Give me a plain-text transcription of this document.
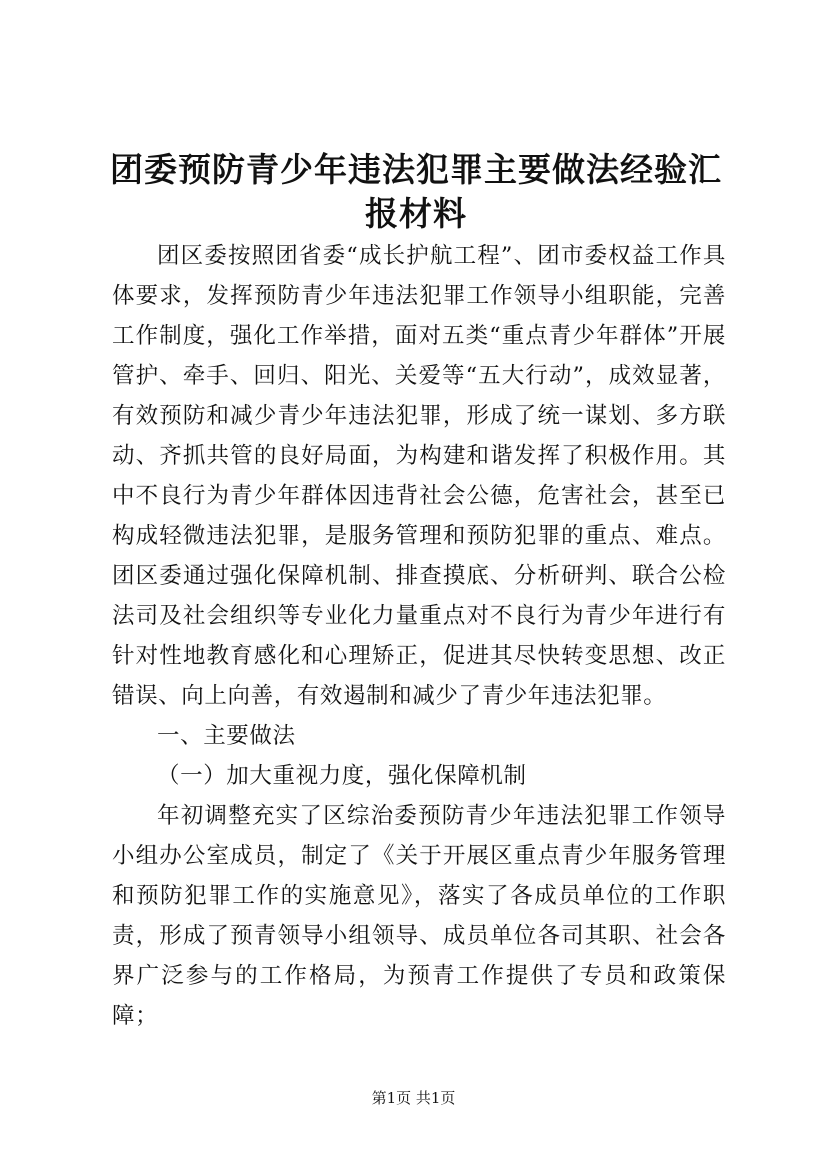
团委预防青少年违法犯罪主要做法经验汇报材料

团区委按照团省委“成长护航工程”、团市委权益工作具体要求，发挥预防青少年违法犯罪工作领导小组职能，完善工作制度，强化工作举措，面对五类“重点青少年群体”开展管护、牵手、回归、阳光、关爱等“五大行动”，成效显著，有效预防和减少青少年违法犯罪，形成了统一谋划、多方联动、齐抓共管的良好局面，为构建和谐发挥了积极作用。其中不良行为青少年群体因违背社会公德，危害社会，甚至已构成轻微违法犯罪，是服务管理和预防犯罪的重点、难点。团区委通过强化保障机制、排查摸底、分析研判、联合公检法司及社会组织等专业化力量重点对不良行为青少年进行有针对性地教育感化和心理矫正，促进其尽快转变思想、改正错误、向上向善，有效遏制和减少了青少年违法犯罪。

一、主要做法

（一）加大重视力度，强化保障机制

年初调整充实了区综治委预防青少年违法犯罪工作领导小组办公室成员，制定了《关于开展区重点青少年服务管理和预防犯罪工作的实施意见》，落实了各成员单位的工作职责，形成了预青领导小组领导、成员单位各司其职、社会各界广泛参与的工作格局，为预青工作提供了专员和政策保障；

第1页 共1页
